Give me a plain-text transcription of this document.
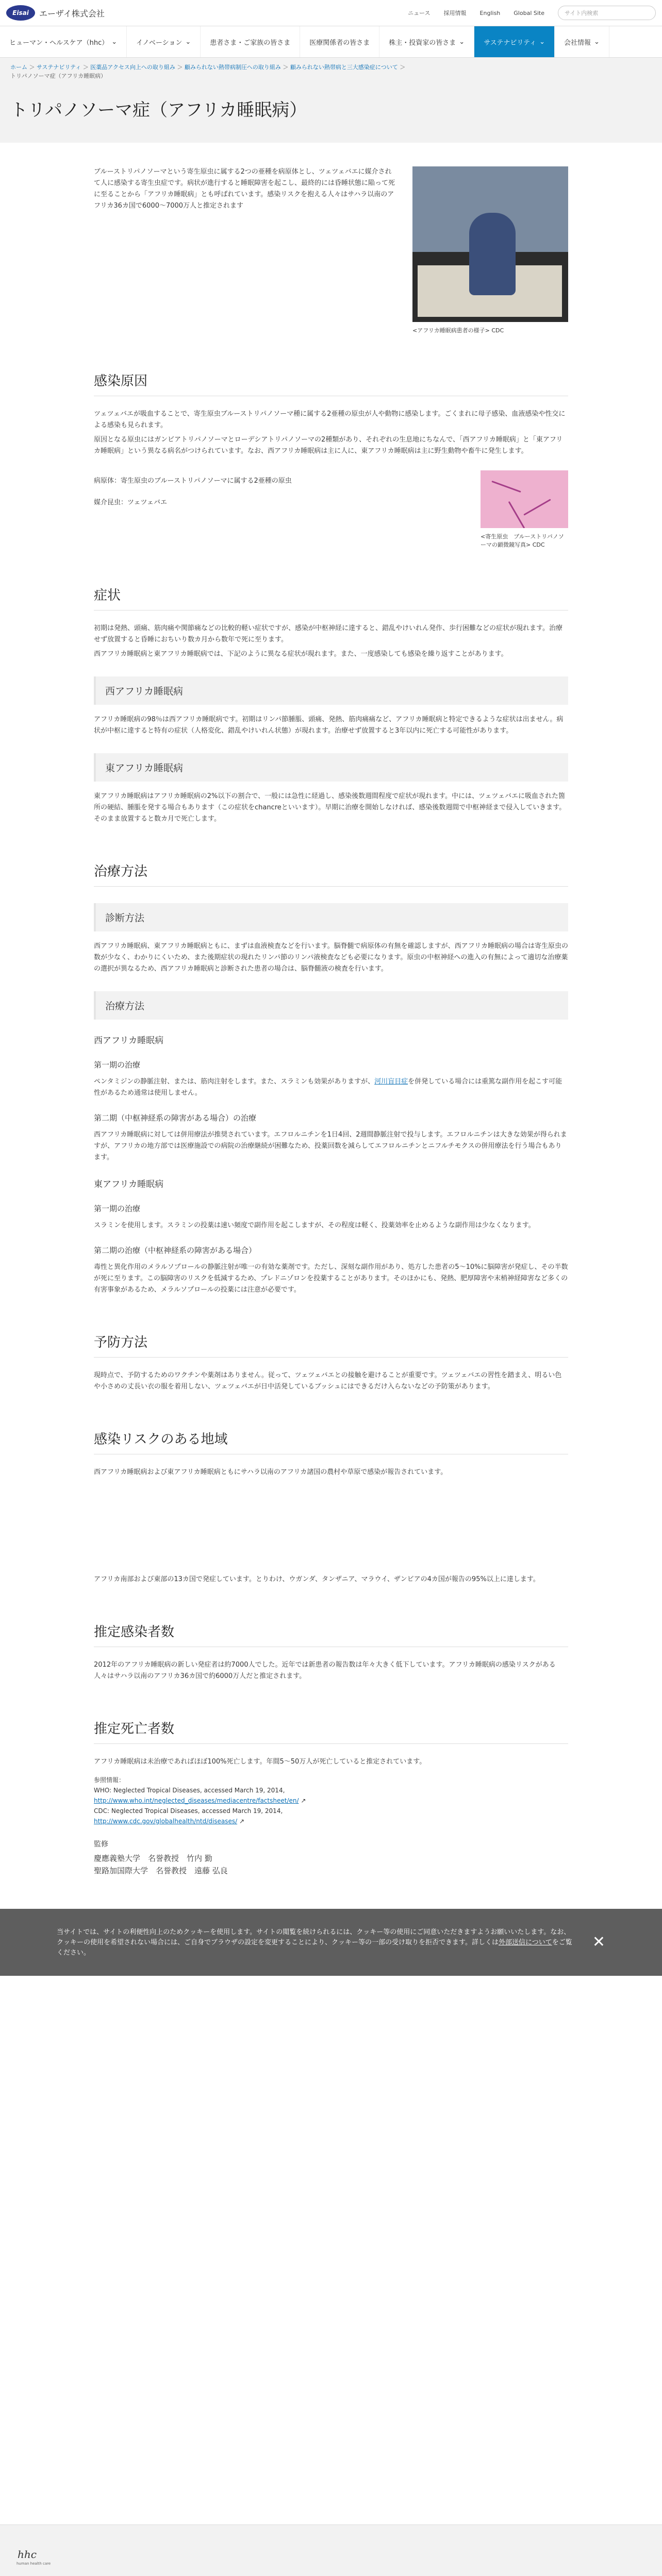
Eisai	エーザイ株式会社	ニュース 採用情報 English Global Site	サイト内検索
ヒューマン・ヘルスケア（hhc） ⌄	イノベーション ⌄	患者さま・ご家族の皆さま	医療関係者の皆さま	株主・投資家の皆さま ⌄	サステナビリティ ⌄	会社情報 ⌄
ホーム ＞ サステナビリティ ＞ 医薬品アクセス向上への取り組み ＞ 顧みられない熱帯病制圧への取り組み ＞ 顧みられない熱帯病と三大感染症について ＞
トリパノソーマ症（アフリカ睡眠病）
トリパノソーマ症（アフリカ睡眠病）

ブルーストリパノソーマという寄生原虫に属する2つの亜種を病原体とし、ツェツェバエに媒介されて人に感染する寄生虫症です。病状が進行すると睡眠障害を起こし、最終的には昏睡状態に陥って死に至ることから「アフリカ睡眠病」とも呼ばれています。感染リスクを抱える人々はサハラ以南のアフリカ36カ国で6000〜7000万人と推定されます

<アフリカ睡眠病患者の様子> CDC
感染原因

ツェツェバエが吸血することで、寄生原虫ブルーストリパノソーマ種に属する2亜種の原虫が人や動物に感染します。ごくまれに母子感染、血液感染や性交による感染も見られます。

原因となる原虫にはガンビアトリパノソーマとローデシアトリパノソーマの2種類があり、それぞれの生息地にちなんで、「西アフリカ睡眠病」と「東アフリカ睡眠病」という異なる病名がつけられています。なお、西アフリカ睡眠病は主に人に、東アフリカ睡眠病は主に野生動物や畜牛に発生します。

病原体：寄生原虫のブルーストリパノソーマに属する2亜種の原虫

媒介昆虫：ツェツェバエ

<寄生原虫　ブルーストリパノソーマの顕微鏡写真> CDC
症状

初期は発熱、頭痛、筋肉痛や関節痛などの比較的軽い症状ですが、感染が中枢神経に達すると、錯乱やけいれん発作、歩行困難などの症状が現れます。治療せず放置すると昏睡におちいり数カ月から数年で死に至ります。

西アフリカ睡眠病と東アフリカ睡眠病では、下記のように異なる症状が現れます。また、一度感染しても感染を繰り返すことがあります。

西アフリカ睡眠病

アフリカ睡眠病の98％は西アフリカ睡眠病です。初期はリンパ節腫脹、頭痛、発熱、筋肉痛痛など、アフリカ睡眠病と特定できるような症状は出ません。病状が中枢に達すると特有の症状（人格変化、錯乱やけいれん状態）が現れます。治療せず放置すると3年以内に死亡する可能性があります。

東アフリカ睡眠病

東アフリカ睡眠病はアフリカ睡眠病の2%以下の割合で、一般には急性に経過し、感染後数週間程度で症状が現れます。中には、ツェツェバエに吸血された箇所の硬結、腫脹を発する場合もあります（この症状をchancreといいます）。早期に治療を開始しなければ、感染後数週間で中枢神経まで侵入していきます。そのまま放置すると数カ月で死亡します。

治療方法
診断方法

西アフリカ睡眠病、東アフリカ睡眠病ともに、まずは血液検査などを行います。脳脊髄で病原体の有無を確認しますが、西アフリカ睡眠病の場合は寄生原虫の数が少なく、わかりにくいため、また後期症状の現れたリンパ節のリンパ液検査なども必要になります。原虫の中枢神経への進入の有無によって適切な治療薬の選択が異なるため、西アフリカ睡眠病と診断された患者の場合は、脳脊髄液の検査を行います。

治療方法
西アフリカ睡眠病
第一期の治療

ペンタミジンの静脈注射、または、筋肉注射をします。また、スラミンも効果がありますが、河川盲目症を併発している場合には重篤な副作用を起こす可能性があるため通常は使用しません。

第二期（中枢神経系の障害がある場合）の治療

西アフリカ睡眠病に対しては併用療法が推奨されています。エフロルニチンを1日4回、2週間静脈注射で投与します。エフロルニチンは大きな効果が得られますが、アフリカの地方部では医療施設での病院の治療継続が困難なため、投薬回数を減らしてエフロルニチンとニフルチモクスの併用療法を行う場合もあります。

東アフリカ睡眠病
第一期の治療

スラミンを使用します。スラミンの投薬は速い頻度で副作用を起こしますが、その程度は軽く、投薬効率を止めるような副作用は少なくなります。

第二期の治療（中枢神経系の障害がある場合）

毒性と異化作用のメラルソプロールの静脈注射が唯一の有効な薬剤です。ただし、深刻な副作用があり、処方した患者の5〜10%に脳障害が発症し、その半数が死に至ります。この脳障害のリスクを低減するため、プレドニゾロンを投薬することがあります。そのほかにも、発熱、肥厚障害や末梢神経障害など多くの有害事象があるため、メラルソプロールの投薬には注意が必要です。

予防方法

現時点で、予防するためのワクチンや薬剤はありません。従って、ツェツェバエとの接触を避けることが重要です。ツェツェバエの習性を踏まえ、明るい色や小さめの丈長い衣の服を着用しない、ツェツェバエが日中活発しているブッシュにはできるだけ入らないなどの予防策があります。

感染リスクのある地域

西アフリカ睡眠病および東アフリカ睡眠病ともにサハラ以南のアフリカ諸国の農村や草原で感染が報告されています。

アフリカ南部および東部の13カ国で発症しています。とりわけ、ウガンダ、タンザニア、マラウイ、ザンビアの4カ国が報告の95%以上に達します。

推定感染者数

2012年のアフリカ睡眠病の新しい発症者は約7000人でした。近年では新患者の報告数は年々大きく低下しています。アフリカ睡眠病の感染リスクがある人々はサハラ以南のアフリカ36カ国で約6000万人だと推定されます。

推定死亡者数

アフリカ睡眠病は未治療であればほぼ100%死亡します。年間5〜50万人が死亡していると推定されています。

参照情報：
WHO: Neglected Tropical Diseases, accessed March 19, 2014,
http://www.who.int/neglected_diseases/mediacentre/factsheet/en/ ↗
CDC: Neglected Tropical Diseases, accessed March 19, 2014,
http://www.cdc.gov/globalhealth/ntd/diseases/ ↗
監修
慶應義塾大学　名誉教授　竹内 勤
聖路加国際大学　名誉教授　遠藤 弘良
当サイトでは、サイトの利便性向上のためクッキーを使用します。サイトの閲覧を続けられるには、クッキー等の使用にご同意いただきますようお願いいたします。なお、クッキーの使用を希望されない場合には、ご自身でブラウザの設定を変更することにより、クッキー等の一部の受け取りを拒否できます。詳しくは外部送信についてをご覧ください。
✕
hhc
human health care
